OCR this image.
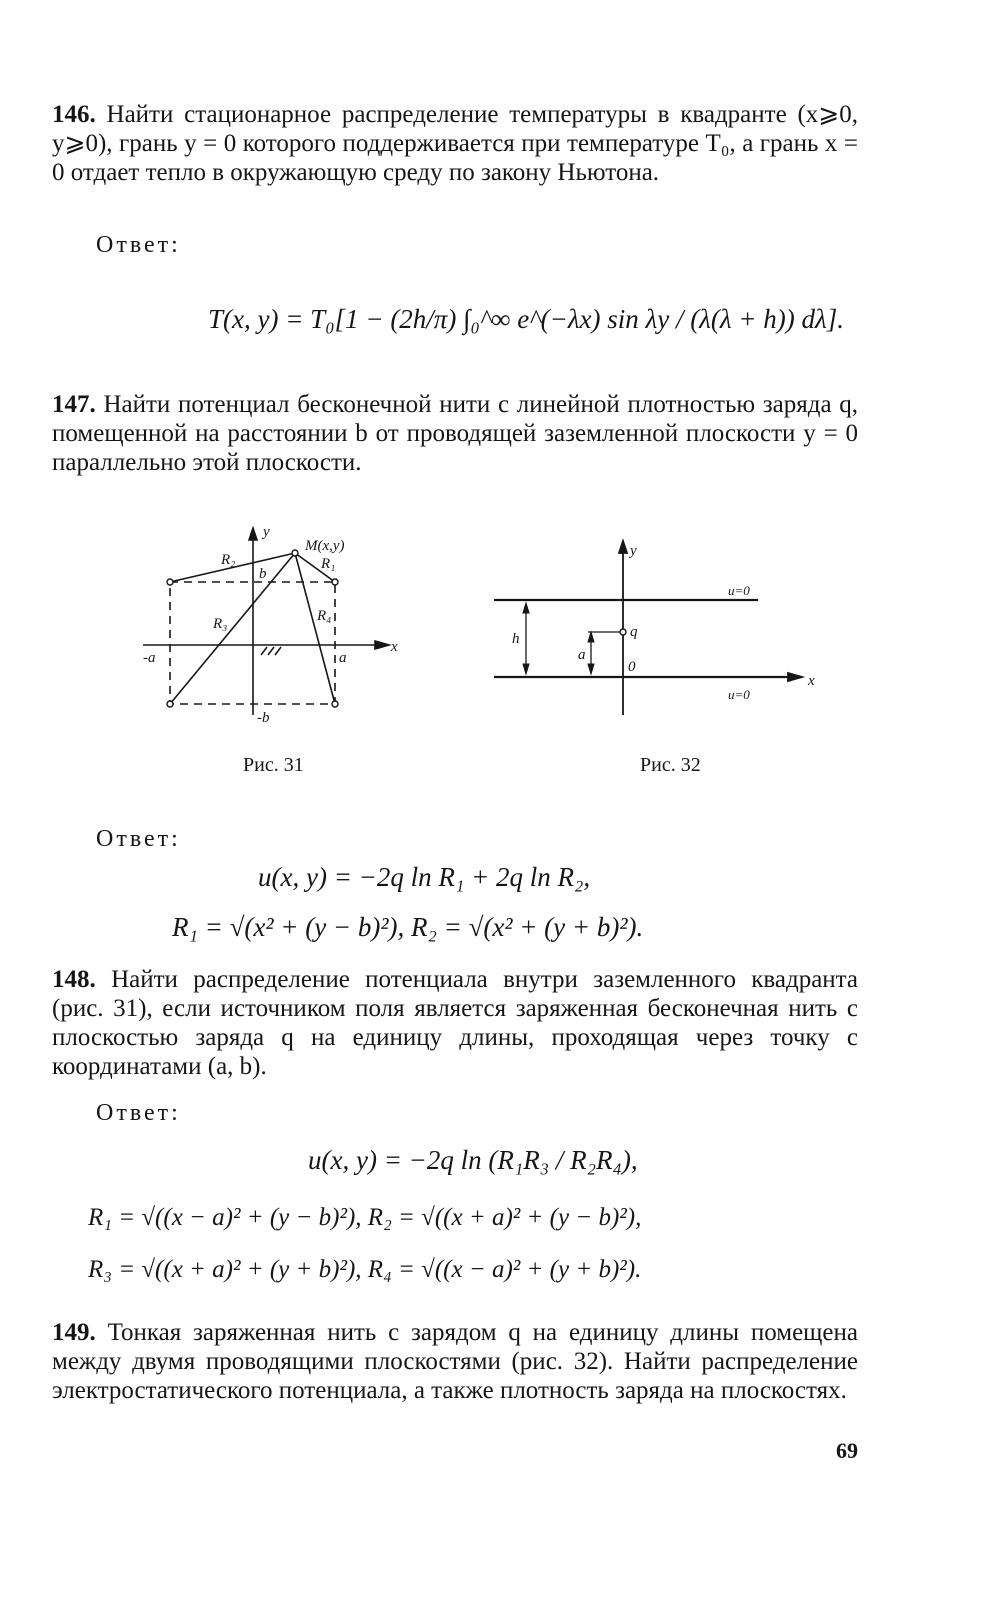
146. Найти стационарное распределение температуры в квадранте (x⩾0, y⩾0), грань y = 0 которого поддерживается при температуре T₀, а грань x = 0 отдает тепло в окружающую среду по закону Ньютона.
Ответ:
T(x, y) = T₀[1 − (2h/π) ∫₀^∞ e^(−λx) sin λy / (λ(λ + h)) dλ].
147. Найти потенциал бесконечной нити с линейной плотностью заряда q, помещенной на расстоянии b от проводящей заземленной плоскости y = 0 параллельно этой плоскости.
y
x
M(x,y)
R₁
R₂
R₃	R₄
b
-b
a
-a
Рис. 31
y
x
u=0
u=0
h
a
q
0
Рис. 32
Ответ:
u(x, y) = −2q ln R₁ + 2q ln R₂,
R₁ = √(x² + (y − b)²), R₂ = √(x² + (y + b)²).
148. Найти распределение потенциала внутри заземленного квадранта (рис. 31), если источником поля является заряженная бесконечная нить с плоскостью заряда q на единицу длины, проходящая через точку с координатами (a, b).
Ответ:
u(x, y) = −2q ln (R₁R₃ / R₂R₄),
R₁ = √((x − a)² + (y − b)²), R₂ = √((x + a)² + (y − b)²),
R₃ = √((x + a)² + (y + b)²), R₄ = √((x − a)² + (y + b)²).
149. Тонкая заряженная нить с зарядом q на единицу длины помещена между двумя проводящими плоскостями (рис. 32). Найти распределение электростатического потенциала, а также плотность заряда на плоскостях.
69
